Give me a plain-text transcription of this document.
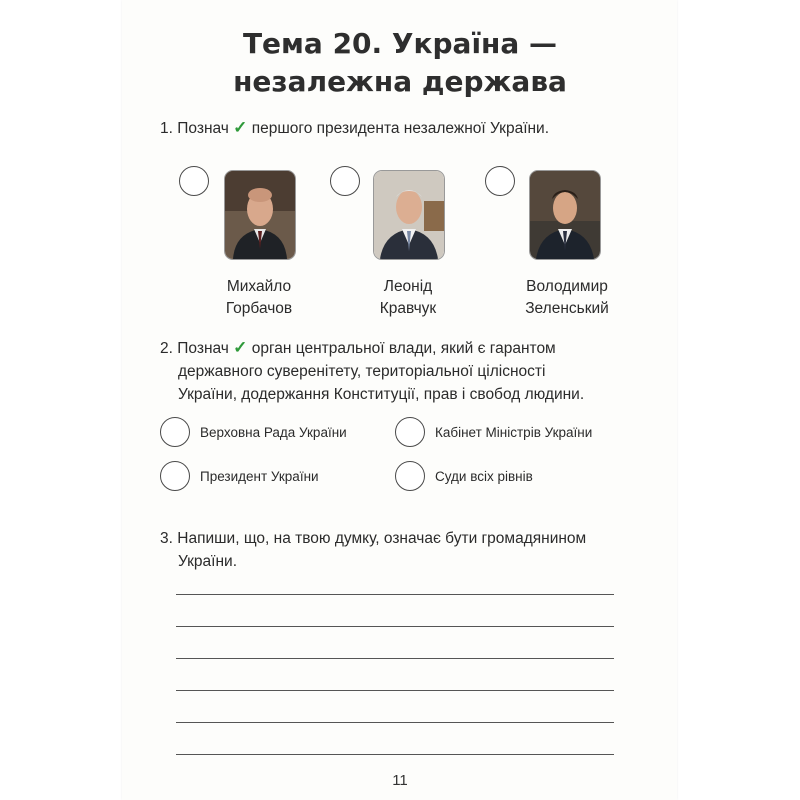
Тема 20. Україна —
незалежна держава
1. Познач ✓ першого президента незалежної України.
Михайло
Горбачов
Леонід
Кравчук
Володимир
Зеленський
2. Познач ✓ орган центральної влади, який є гарантом
державного суверенітету, територіальної цілісності
України, додержання Конституції, прав і свобод людини.
Верховна Рада України	Кабінет Міністрів України
Президент України	Суди всіх рівнів
3. Напиши, що, на твою думку, означає бути громадянином
України.
11
